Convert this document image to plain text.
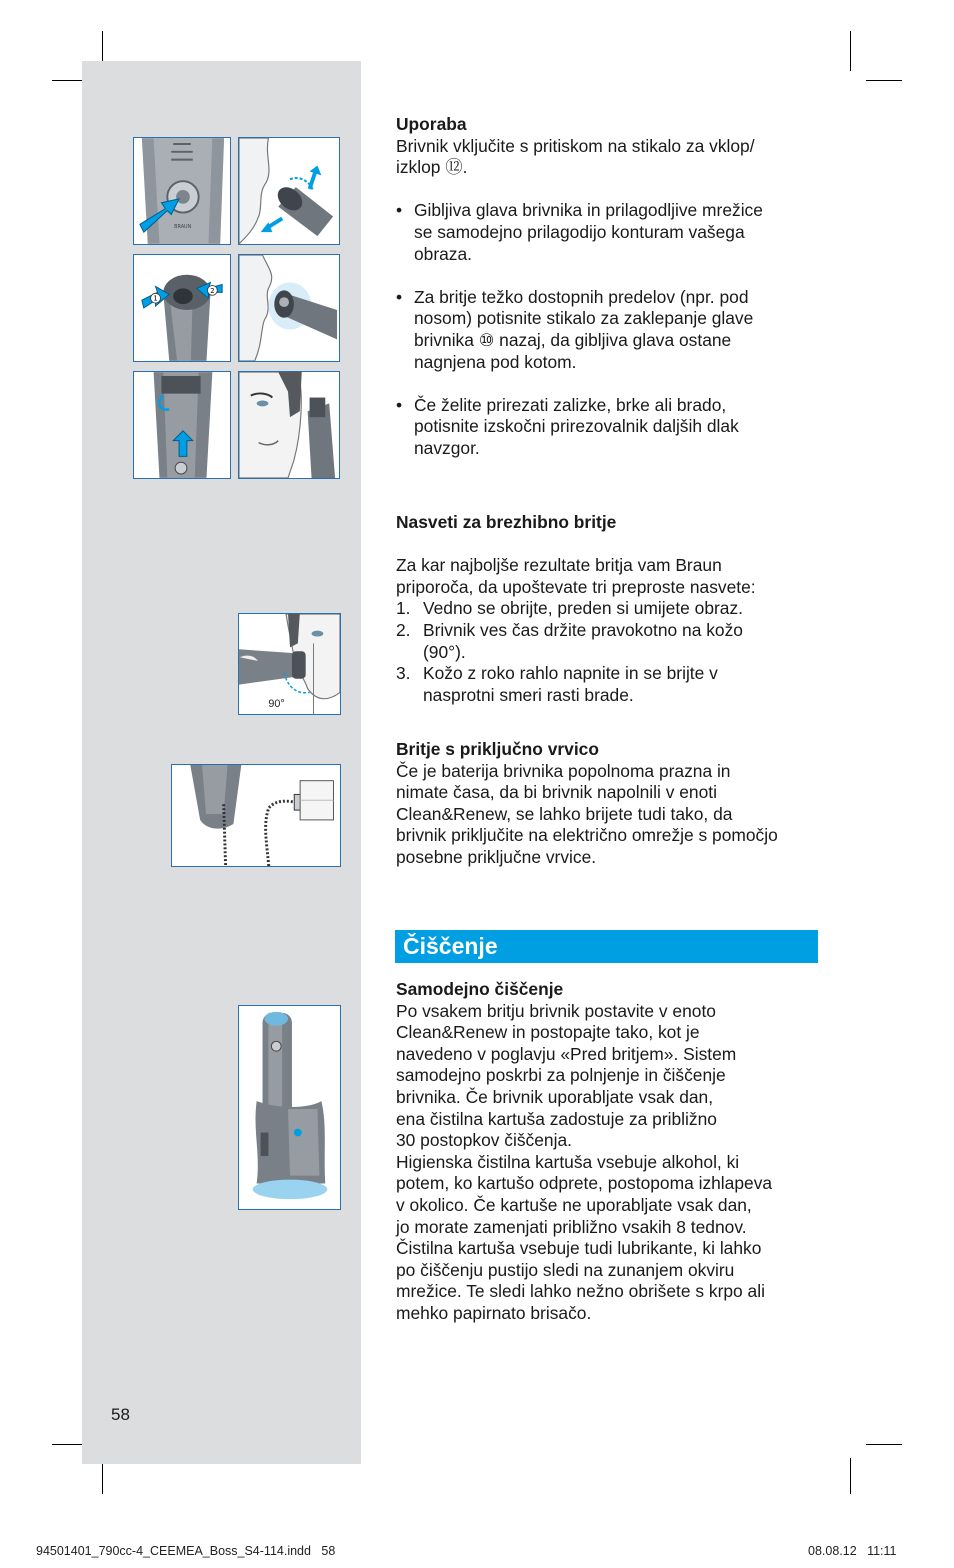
BRAUN
1
2
90°

Uporaba

Brivnik vključite s pritiskom na stikalo za vklop/

izklop ⑫.

• Gibljiva glava brivnika in prilagodljive mrežice

se samodejno prilagodijo konturam vašega

obraza.

• Za britje težko dostopnih predelov (npr. pod

nosom) potisnite stikalo za zaklepanje glave

brivnika ⑩ nazaj, da gibljiva glava ostane

nagnjena pod kotom.

• Če želite prirezati zalizke, brke ali brado,

potisnite izskočni prirezovalnik daljših dlak

navzgor.

Nasveti za brezhibno britje

Za kar najboljše rezultate britja vam Braun

priporoča, da upoštevate tri preproste nasvete:

1. Vedno se obrijte, preden si umijete obraz.

2. Brivnik ves čas držite pravokotno na kožo

(90°).

3. Kožo z roko rahlo napnite in se brijte v

nasprotni smeri rasti brade.

Britje s priključno vrvico

Če je baterija brivnika popolnoma prazna in

nimate časa, da bi brivnik napolnili v enoti

Clean&Renew, se lahko brijete tudi tako, da

brivnik priključite na električno omrežje s pomočjo

posebne priključne vrvice.

Čiščenje

Samodejno čiščenje

Po vsakem britju brivnik postavite v enoto

Clean&Renew in postopajte tako, kot je

navedeno v poglavju «Pred britjem». Sistem

samodejno poskrbi za polnjenje in čiščenje

brivnika. Če brivnik uporabljate vsak dan,

ena čistilna kartuša zadostuje za približno

30 postopkov čiščenja.

Higienska čistilna kartuša vsebuje alkohol, ki

potem, ko kartušo odprete, postopoma izhlapeva

v okolico. Če kartuše ne uporabljate vsak dan,

jo morate zamenjati približno vsakih 8 tednov.

Čistilna kartuša vsebuje tudi lubrikante, ki lahko

po čiščenju pustijo sledi na zunanjem okviru

mrežice. Te sledi lahko nežno obrišete s krpo ali

mehko papirnato brisačo.

58
94501401_790cc-4_CEEMEA_Boss_S4-114.indd   58	08.08.12   11:11
